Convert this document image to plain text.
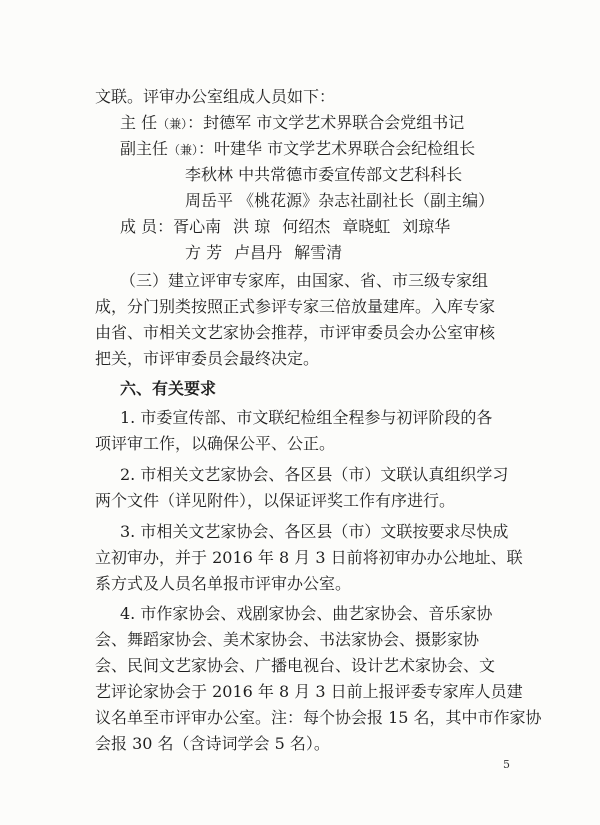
文联。评审办公室组成人员如下：
主 任（兼）：封德军 市文学艺术界联合会党组书记
副主任（兼）：叶建华 市文学艺术界联合会纪检组长
李秋林 中共常德市委宣传部文艺科科长
周岳平 《桃花源》杂志社副社长（副主编）
成 员：胥心南 洪 琼 何绍杰 章晓虹 刘琼华
方 芳 卢昌丹 解雪清
（三）建立评审专家库，由国家、省、市三级专家组
成，分门别类按照正式参评专家三倍放量建库。入库专家
由省、市相关文艺家协会推荐，市评审委员会办公室审核
把关，市评审委员会最终决定。
六、有关要求
1. 市委宣传部、市文联纪检组全程参与初评阶段的各
项评审工作，以确保公平、公正。
2. 市相关文艺家协会、各区县（市）文联认真组织学习
两个文件（详见附件），以保证评奖工作有序进行。
3. 市相关文艺家协会、各区县（市）文联按要求尽快成
立初审办，并于 2016 年 8 月 3 日前将初审办办公地址、联
系方式及人员名单报市评审办公室。
4. 市作家协会、戏剧家协会、曲艺家协会、音乐家协
会、舞蹈家协会、美术家协会、书法家协会、摄影家协
会、民间文艺家协会、广播电视台、设计艺术家协会、文
艺评论家协会于 2016 年 8 月 3 日前上报评委专家库人员建
议名单至市评审办公室。注：每个协会报 15 名，其中市作家协
会报 30 名（含诗词学会 5 名）。
5
